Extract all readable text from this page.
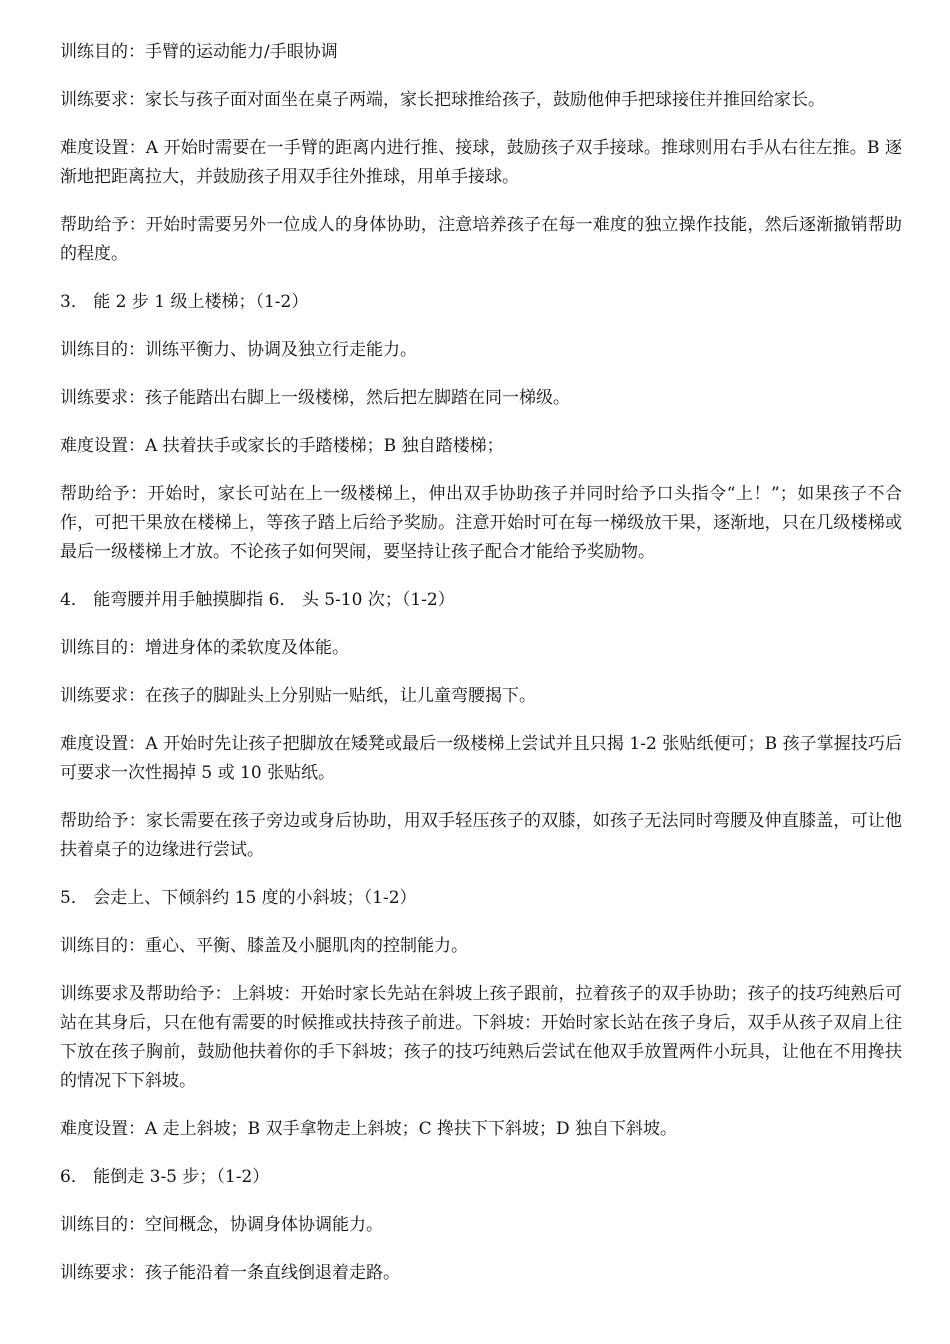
训练目的：手臂的运动能力/手眼协调

训练要求：家长与孩子面对面坐在桌子两端，家长把球推给孩子，鼓励他伸手把球接住并推回给家长。

难度设置：A 开始时需要在一手臂的距离内进行推、接球，鼓励孩子双手接球。推球则用右手从右往左推。B 逐渐地把距离拉大，并鼓励孩子用双手往外推球，用单手接球。

帮助给予：开始时需要另外一位成人的身体协助，注意培养孩子在每一难度的独立操作技能，然后逐渐撤销帮助的程度。

3． 能 2 步 1 级上楼梯；（1-2）

训练目的：训练平衡力、协调及独立行走能力。

训练要求：孩子能踏出右脚上一级楼梯，然后把左脚踏在同一梯级。

难度设置：A 扶着扶手或家长的手踏楼梯；B 独自踏楼梯；

帮助给予：开始时，家长可站在上一级楼梯上，伸出双手协助孩子并同时给予口头指令“上！”；如果孩子不合作，可把干果放在楼梯上，等孩子踏上后给予奖励。注意开始时可在每一梯级放干果，逐渐地，只在几级楼梯或最后一级楼梯上才放。不论孩子如何哭闹，要坚持让孩子配合才能给予奖励物。

4． 能弯腰并用手触摸脚指 6． 头 5-10 次；（1-2）

训练目的：增进身体的柔软度及体能。

训练要求：在孩子的脚趾头上分别贴一贴纸，让儿童弯腰揭下。

难度设置：A 开始时先让孩子把脚放在矮凳或最后一级楼梯上尝试并且只揭 1-2 张贴纸便可；B 孩子掌握技巧后可要求一次性揭掉 5 或 10 张贴纸。

帮助给予：家长需要在孩子旁边或身后协助，用双手轻压孩子的双膝，如孩子无法同时弯腰及伸直膝盖，可让他扶着桌子的边缘进行尝试。

5． 会走上、下倾斜约 15 度的小斜坡；（1-2）

训练目的：重心、平衡、膝盖及小腿肌肉的控制能力。

训练要求及帮助给予：上斜坡：开始时家长先站在斜坡上孩子跟前，拉着孩子的双手协助；孩子的技巧纯熟后可站在其身后，只在他有需要的时候推或扶持孩子前进。下斜坡：开始时家长站在孩子身后，双手从孩子双肩上往下放在孩子胸前，鼓励他扶着你的手下斜坡；孩子的技巧纯熟后尝试在他双手放置两件小玩具，让他在不用搀扶的情况下下斜坡。

难度设置：A 走上斜坡；B 双手拿物走上斜坡；C 搀扶下下斜坡；D 独自下斜坡。

6． 能倒走 3-5 步；（1-2）

训练目的：空间概念，协调身体协调能力。

训练要求：孩子能沿着一条直线倒退着走路。
